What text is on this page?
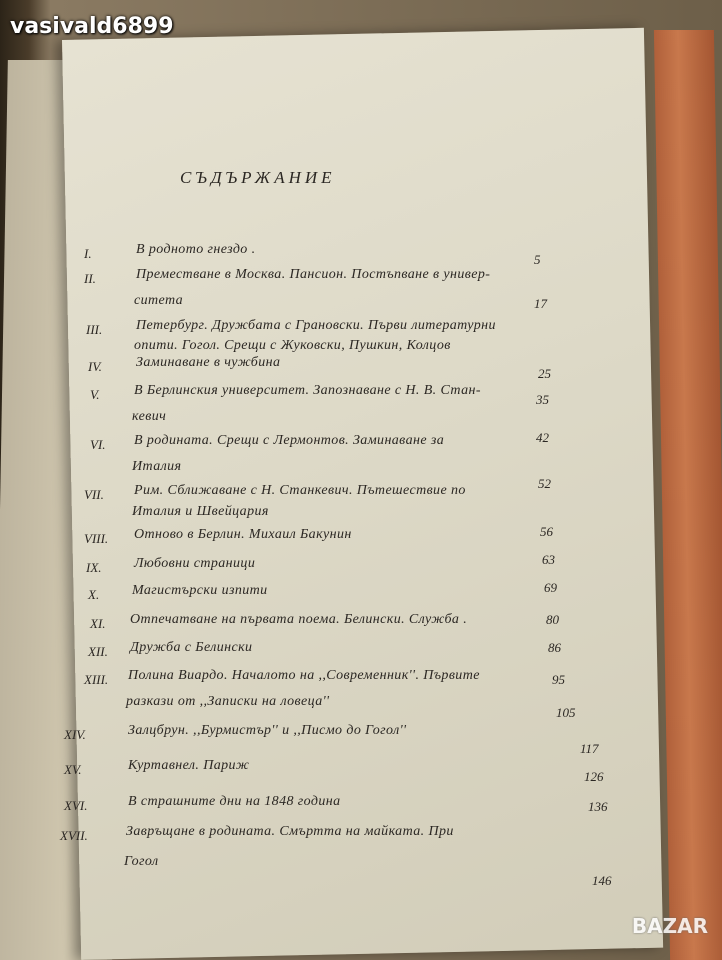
vasivald6899
СЪДЪРЖАНИЕ
I.	В родното гнездо .
5
II.	Преместване в Москва. Пансион. Постъпване в универ-
ситета	17
III. Петербург. Дружбата с Грановски. Първи литературни
опити. Гогол. Срещи с Жуковски, Пушкин, Колцов
25
IV. Заминаване в чужбина
35
V. В Берлинския университет. Запознаване с Н. В. Стан-
кевич
42
VI. В родината. Срещи с Лермонтов. Заминаване за
Италия
52
VII. Рим. Сближаване с Н. Станкевич. Пътешествие по
Италия и Швейцария
56
VIII. Отново в Берлин. Михаил Бакунин
63
IX. Любовни страници
69
X. Магистърски изпити
80
XI. Отпечатване на първата поема. Белински. Служба .
86
XII. Дружба с Белински
95
XIII. Полина Виардо. Началото на ,,Современник''. Първите
разкази от ,,Записки на ловеца''
105
XIV.	Залцбрун. ,,Бурмистър'' и ,,Писмо до Гогол''
117
XV.	Куртавнел. Париж
126
XVI.	В страшните дни на 1848 година	136
XVII.	Завръщане в родината. Смъртта на майката. При
Гогол
146
BAZAR
